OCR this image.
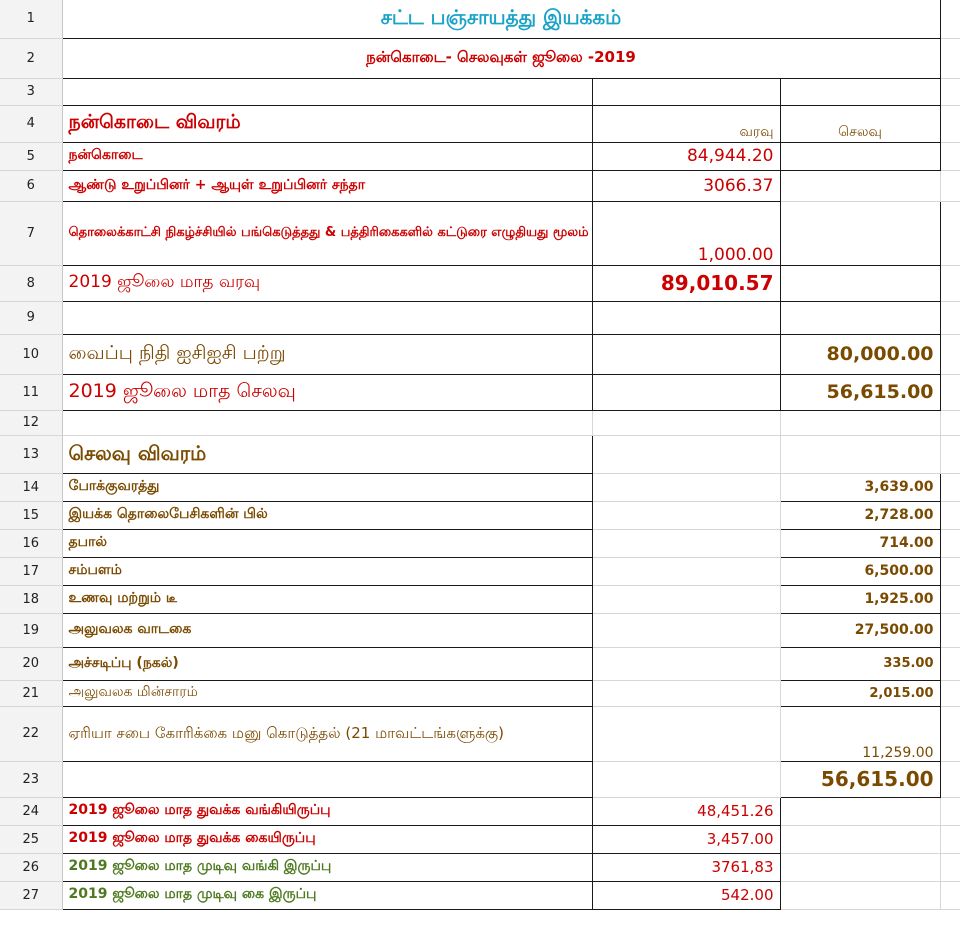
1	சட்ட பஞ்சாயத்து இயக்கம்			
2	நன்கொடை- செலவுகள் ஜூலை -2019			
3				
4	நன்கொடை விவரம்	வரவு	செலவு	
5	நன்கொடை	84,944.20		
6	ஆண்டு உறுப்பினர் + ஆயுள் உறுப்பினர் சந்தா	3066.37		
7	தொலைக்காட்சி நிகழ்ச்சியில் பங்கெடுத்தது & பத்திரிகைகளில் கட்டுரை எழுதியது மூலம்	1,000.00		
8	2019 ஜூலை மாத வரவு	89,010.57		
9				
10	வைப்பு நிதி ஐசிஐசி பற்று		80,000.00	
11	2019 ஜூலை மாத செலவு		56,615.00	
12				
13	செலவு விவரம்			
14	போக்குவரத்து		3,639.00	
15	இயக்க தொலைபேசிகளின் பில்		2,728.00	
16	தபால்		714.00	
17	சம்பளம்		6,500.00	
18	உணவு மற்றும் டீ		1,925.00	
19	அலுவலக வாடகை		27,500.00	
20	அச்சடிப்பு (நகல்)		335.00	
21	அலுவலக மின்சாரம்		2,015.00	
22	ஏரியா சபை கோரிக்கை மனு கொடுத்தல் (21 மாவட்டங்களுக்கு)		11,259.00	
23			56,615.00	
24	2019 ஜூலை மாத துவக்க வங்கியிருப்பு	48,451.26		
25	2019 ஜூலை மாத துவக்க கையிருப்பு	3,457.00		
26	2019 ஜூலை மாத முடிவு வங்கி இருப்பு	3761,83		
27	2019 ஜூலை மாத முடிவு கை இருப்பு	542.00		
